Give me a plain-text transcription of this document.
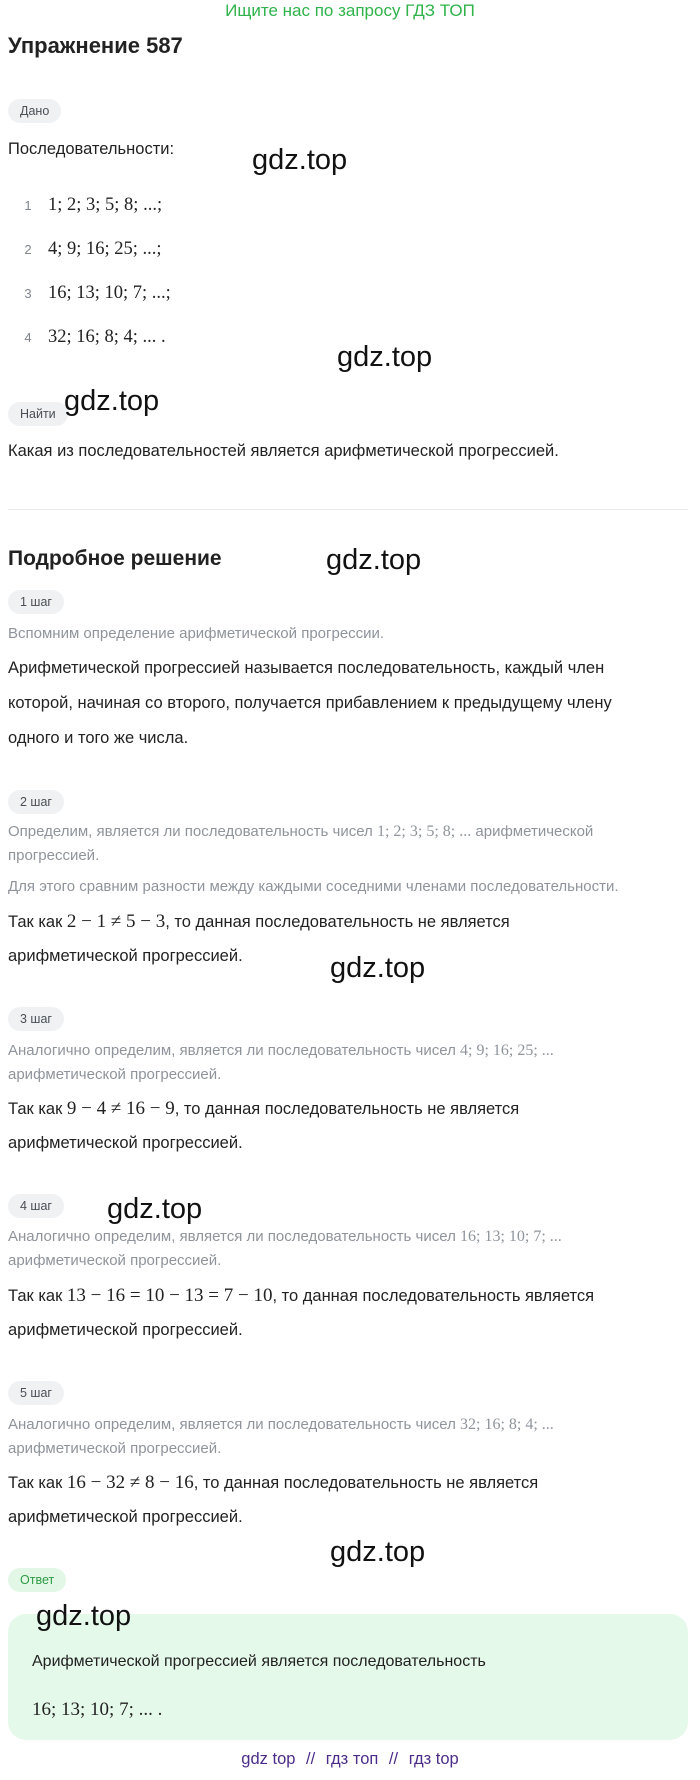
Ищите нас по запросу ГДЗ ТОП
Упражнение 587
Дано
Последовательности:
1 1; 2; 3; 5; 8; ...;
2 4; 9; 16; 25; ...;
3 16; 13; 10; 7; ...;
4 32; 16; 8; 4; ... .
Найти
Какая из последовательностей является арифметической прогрессией.
Подробное решение
1 шаг
Вспомним определение арифметической прогрессии.
Арифметической прогрессией называется последовательность, каждый член
которой, начиная со второго, получается прибавлением к предыдущему члену
одного и того же числа.
2 шаг
Определим, является ли последовательность чисел 1; 2; 3; 5; 8; ... арифметической
прогрессией.
Для этого сравним разности между каждыми соседними членами последовательности.
Так как 2 − 1 ≠ 5 − 3, то данная последовательность не является
арифметической прогрессией.
3 шаг
Аналогично определим, является ли последовательность чисел 4; 9; 16; 25; ...
арифметической прогрессией.
Так как 9 − 4 ≠ 16 − 9, то данная последовательность не является
арифметической прогрессией.
4 шаг
Аналогично определим, является ли последовательность чисел 16; 13; 10; 7; ...
арифметической прогрессией.
Так как 13 − 16 = 10 − 13 = 7 − 10, то данная последовательность является
арифметической прогрессией.
5 шаг
Аналогично определим, является ли последовательность чисел 32; 16; 8; 4; ...
арифметической прогрессией.
Так как 16 − 32 ≠ 8 − 16, то данная последовательность не является
арифметической прогрессией.
Ответ
Арифметической прогрессией является последовательность
16; 13; 10; 7; ... .
gdz.top
gdz.top
gdz.top
gdz.top
gdz.top
gdz.top
gdz.top
gdz.top
gdz top // гдз топ // гдз top
